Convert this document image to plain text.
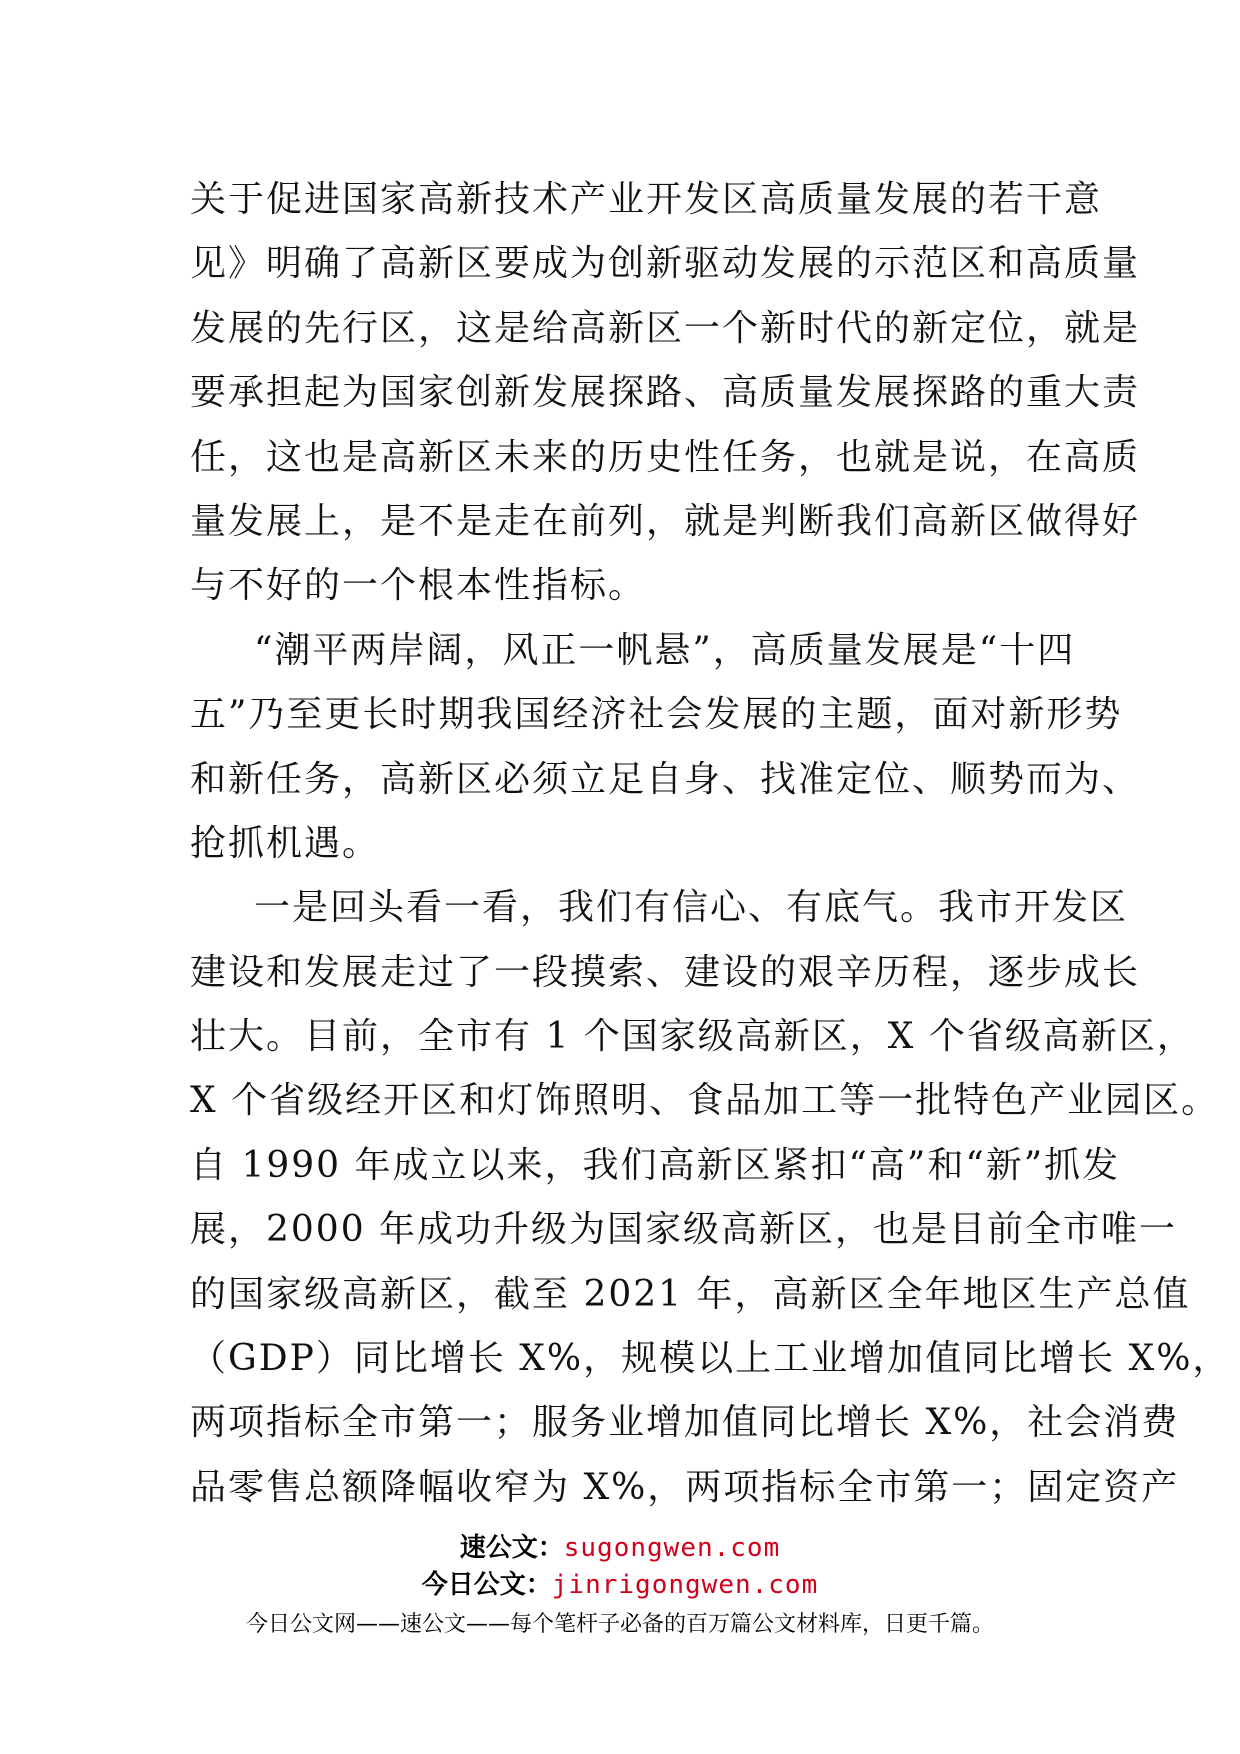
关于促进国家高新技术产业开发区高质量发展的若干意
见》明确了高新区要成为创新驱动发展的示范区和高质量
发展的先行区，这是给高新区一个新时代的新定位，就是
要承担起为国家创新发展探路、高质量发展探路的重大责
任，这也是高新区未来的历史性任务，也就是说，在高质
量发展上，是不是走在前列，就是判断我们高新区做得好
与不好的一个根本性指标。
“潮平两岸阔，风正一帆悬”，高质量发展是“十四
五”乃至更长时期我国经济社会发展的主题，面对新形势
和新任务，高新区必须立足自身、找准定位、顺势而为、
抢抓机遇。
一是回头看一看，我们有信心、有底气。我市开发区
建设和发展走过了一段摸索、建设的艰辛历程，逐步成长
壮大。目前，全市有 1 个国家级高新区，X 个省级高新区，
X 个省级经开区和灯饰照明、食品加工等一批特色产业园区。
自 1990 年成立以来，我们高新区紧扣“高”和“新”抓发
展，2000 年成功升级为国家级高新区，也是目前全市唯一
的国家级高新区，截至 2021 年，高新区全年地区生产总值
（GDP）同比增长 X%，规模以上工业增加值同比增长 X%，
两项指标全市第一；服务业增加值同比增长 X%，社会消费
品零售总额降幅收窄为 X%，两项指标全市第一；固定资产
速公文：sugongwen.com
今日公文：jinrigongwen.com
今日公文网——速公文——每个笔杆子必备的百万篇公文材料库，日更千篇。
